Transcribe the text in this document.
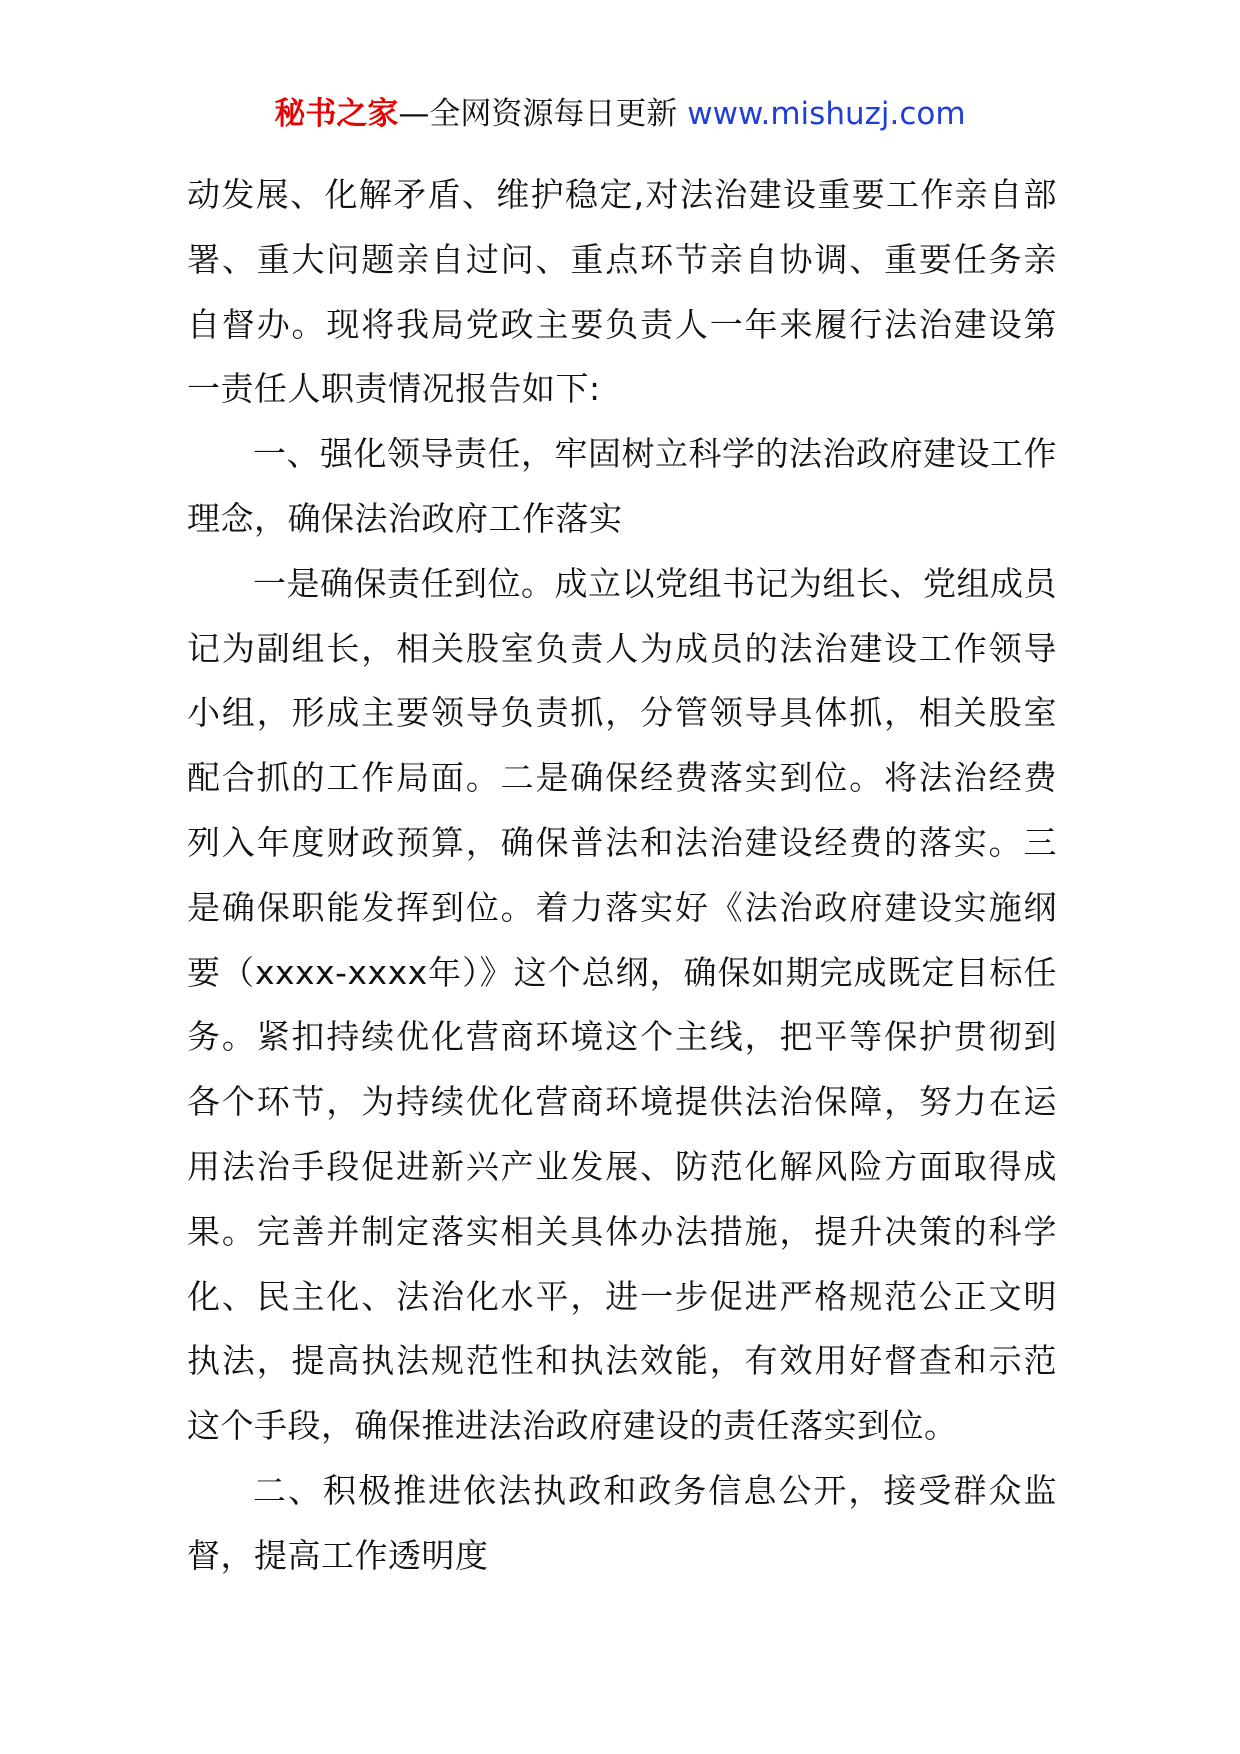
秘书之家—全网资源每日更新 www.mishuzj.com

动发展、化解矛盾、维护稳定,对法治建设重要工作亲自部署、重大问题亲自过问、重点环节亲自协调、重要任务亲自督办。现将我局党政主要负责人一年来履行法治建设第一责任人职责情况报告如下:

一、强化领导责任，牢固树立科学的法治政府建设工作理念，确保法治政府工作落实

一是确保责任到位。成立以党组书记为组长、党组成员记为副组长，相关股室负责人为成员的法治建设工作领导小组，形成主要领导负责抓，分管领导具体抓，相关股室配合抓的工作局面。二是确保经费落实到位。将法治经费列入年度财政预算，确保普法和法治建设经费的落实。三是确保职能发挥到位。着力落实好《法治政府建设实施纲要（xxxx-xxxx年）》这个总纲，确保如期完成既定目标任务。紧扣持续优化营商环境这个主线，把平等保护贯彻到各个环节，为持续优化营商环境提供法治保障，努力在运用法治手段促进新兴产业发展、防范化解风险方面取得成果。完善并制定落实相关具体办法措施，提升决策的科学化、民主化、法治化水平，进一步促进严格规范公正文明执法，提高执法规范性和执法效能，有效用好督查和示范这个手段，确保推进法治政府建设的责任落实到位。

二、积极推进依法执政和政务信息公开，接受群众监督，提高工作透明度
